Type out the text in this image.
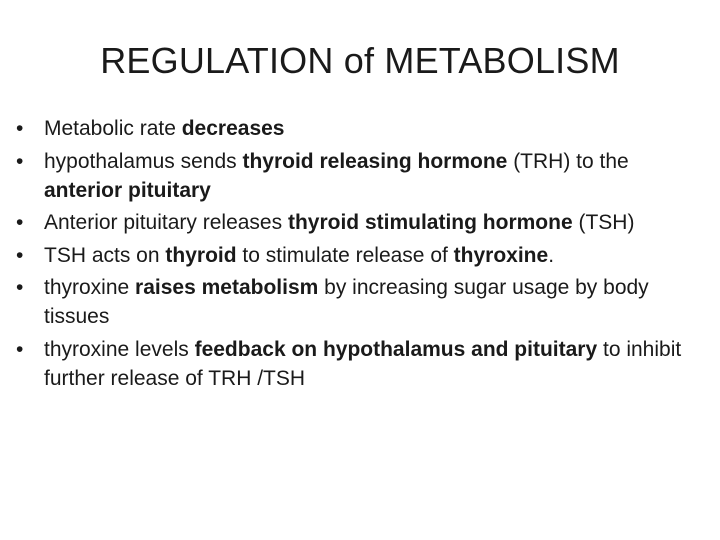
REGULATION of METABOLISM
• Metabolic rate decreases
• hypothalamus sends thyroid releasing hormone (TRH) to the anterior pituitary
• Anterior pituitary releases thyroid stimulating hormone (TSH)
• TSH acts on thyroid to stimulate release of thyroxine.
• thyroxine raises metabolism by increasing sugar usage by body tissues
• thyroxine levels feedback on hypothalamus and pituitary to inhibit further release of TRH /TSH
